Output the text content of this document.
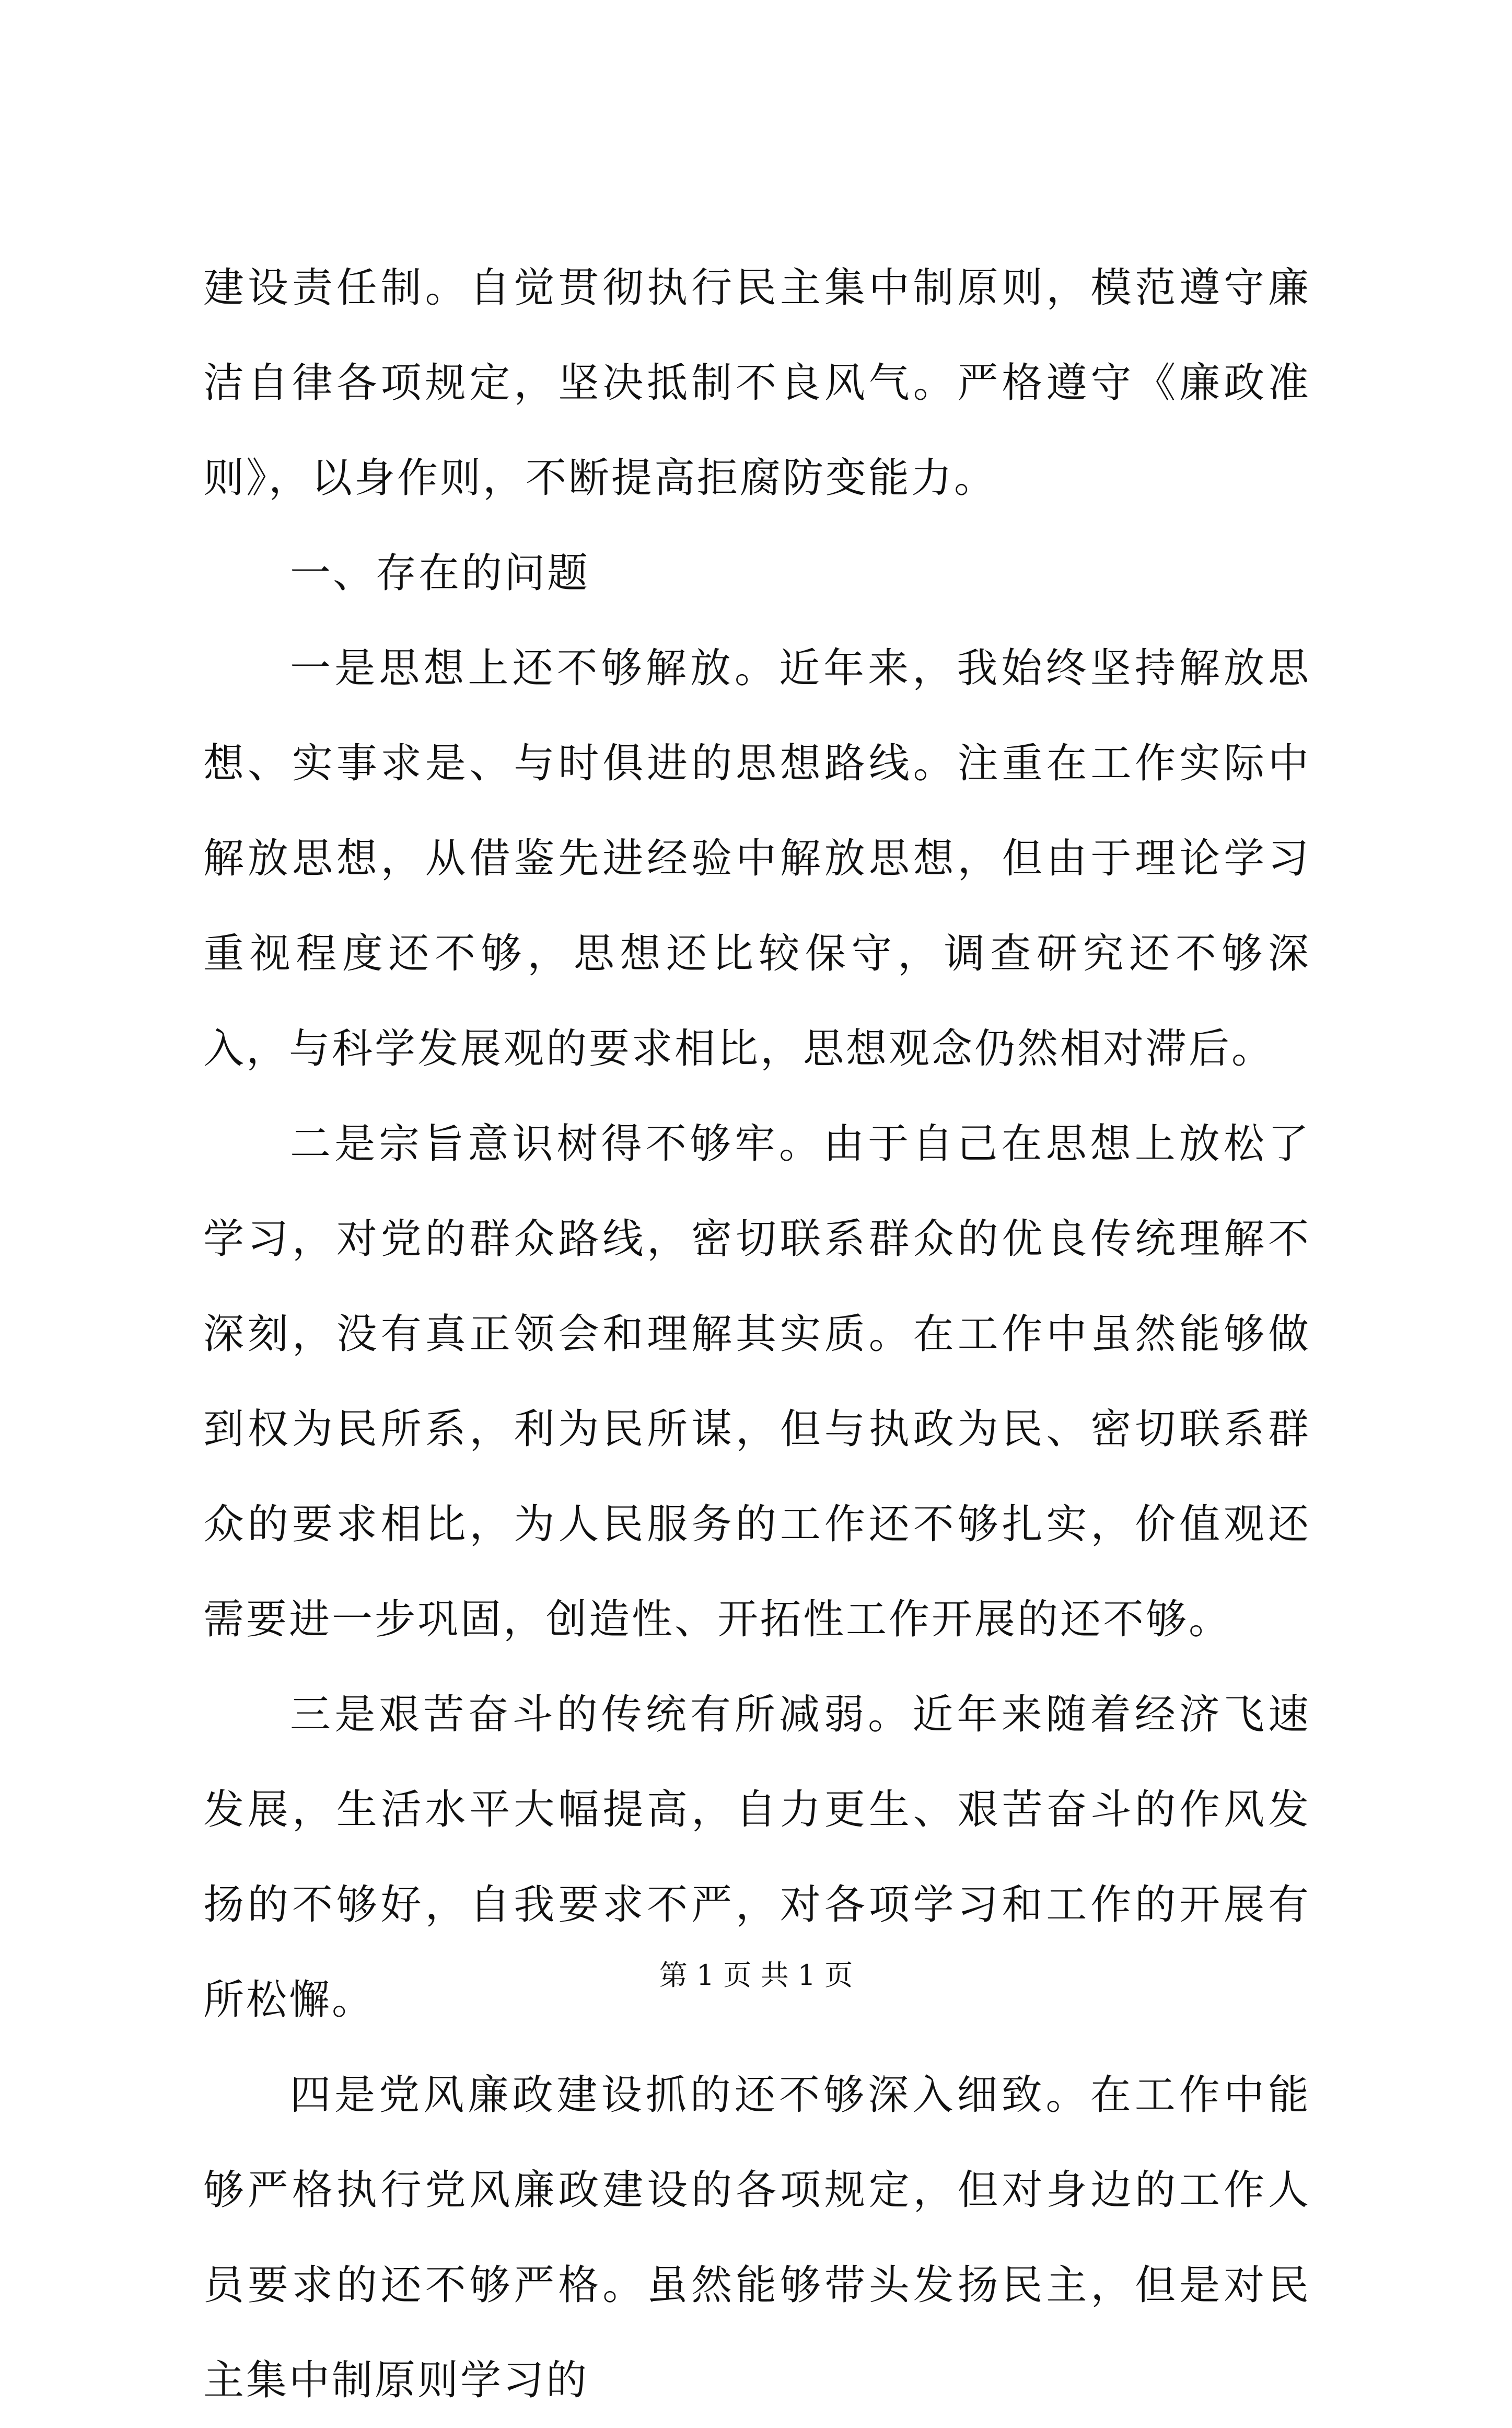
建设责任制。自觉贯彻执行民主集中制原则，模范遵守廉洁自律各项规定，坚决抵制不良风气。严格遵守《廉政准则》，以身作则，不断提高拒腐防变能力。

一、存在的问题

一是思想上还不够解放。近年来，我始终坚持解放思想、实事求是、与时俱进的思想路线。注重在工作实际中解放思想，从借鉴先进经验中解放思想，但由于理论学习重视程度还不够，思想还比较保守，调查研究还不够深入，与科学发展观的要求相比，思想观念仍然相对滞后。

二是宗旨意识树得不够牢。由于自己在思想上放松了学习，对党的群众路线，密切联系群众的优良传统理解不深刻，没有真正领会和理解其实质。在工作中虽然能够做到权为民所系，利为民所谋，但与执政为民、密切联系群众的要求相比，为人民服务的工作还不够扎实，价值观还需要进一步巩固，创造性、开拓性工作开展的还不够。

三是艰苦奋斗的传统有所减弱。近年来随着经济飞速发展，生活水平大幅提高，自力更生、艰苦奋斗的作风发扬的不够好，自我要求不严，对各项学习和工作的开展有所松懈。

四是党风廉政建设抓的还不够深入细致。在工作中能够严格执行党风廉政建设的各项规定，但对身边的工作人员要求的还不够严格。虽然能够带头发扬民主，但是对民主集中制原则学习的

第 1 页 共 1 页
